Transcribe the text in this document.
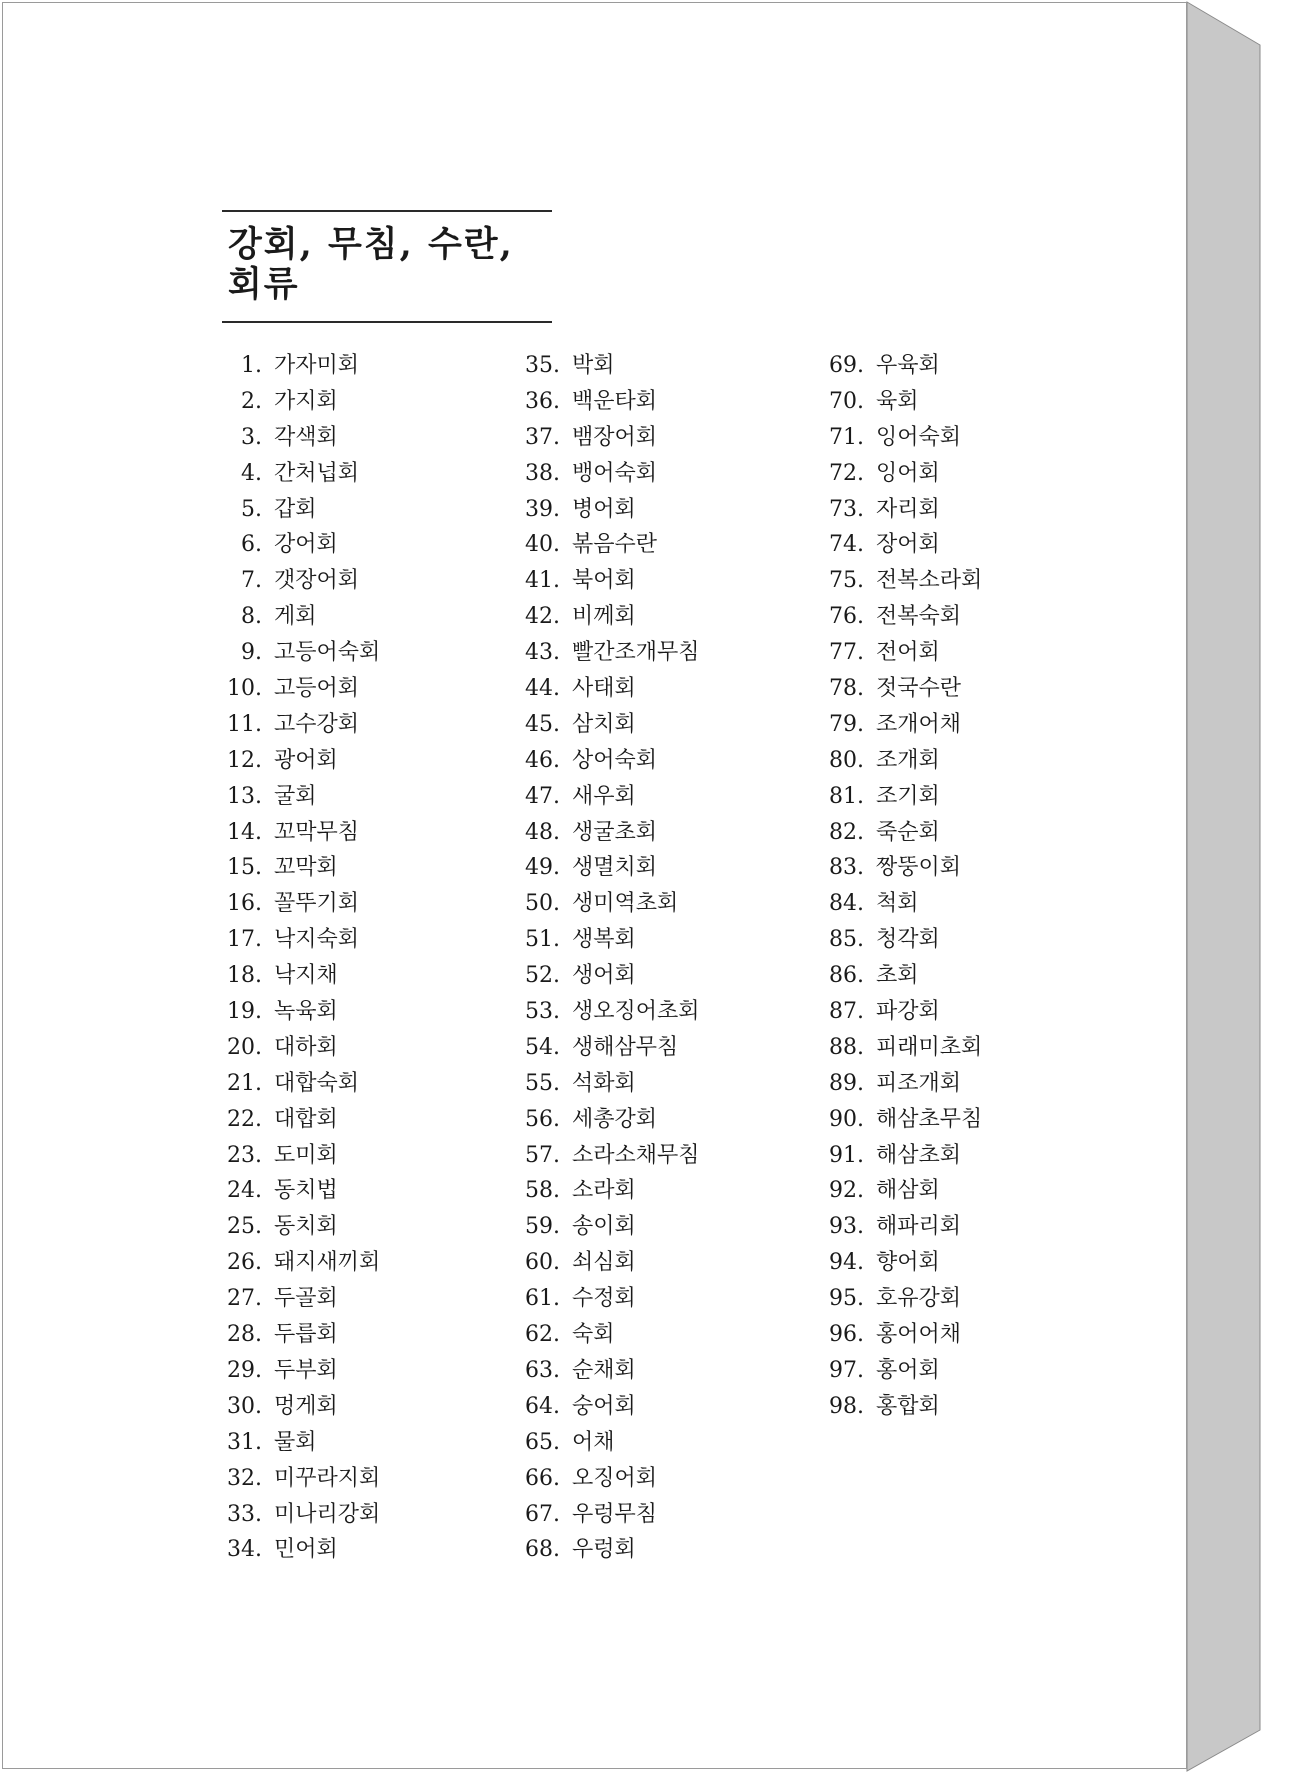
강회, 무침, 수란, 회류
1. 가자미회
2. 가지회
3. 각색회
4. 간처넙회
5. 갑회
6. 강어회
7. 갯장어회
8. 게회
9. 고등어숙회
10. 고등어회
11. 고수강회
12. 광어회
13. 굴회
14. 꼬막무침
15. 꼬막회
16. 꼴뚜기회
17. 낙지숙회
18. 낙지채
19. 녹육회
20. 대하회
21. 대합숙회
22. 대합회
23. 도미회
24. 동치법
25. 동치회
26. 돼지새끼회
27. 두골회
28. 두릅회
29. 두부회
30. 멍게회
31. 물회
32. 미꾸라지회
33. 미나리강회
34. 민어회
35. 박회
36. 백운타회
37. 뱀장어회
38. 뱅어숙회
39. 병어회
40. 볶음수란
41. 북어회
42. 비께회
43. 빨간조개무침
44. 사태회
45. 삼치회
46. 상어숙회
47. 새우회
48. 생굴초회
49. 생멸치회
50. 생미역초회
51. 생복회
52. 생어회
53. 생오징어초회
54. 생해삼무침
55. 석화회
56. 세총강회
57. 소라소채무침
58. 소라회
59. 송이회
60. 쇠심회
61. 수정회
62. 숙회
63. 순채회
64. 숭어회
65. 어채
66. 오징어회
67. 우렁무침
68. 우렁회
69. 우육회
70. 육회
71. 잉어숙회
72. 잉어회
73. 자리회
74. 장어회
75. 전복소라회
76. 전복숙회
77. 전어회
78. 젓국수란
79. 조개어채
80. 조개회
81. 조기회
82. 죽순회
83. 짱뚱이회
84. 척회
85. 청각회
86. 초회
87. 파강회
88. 피래미초회
89. 피조개회
90. 해삼초무침
91. 해삼초회
92. 해삼회
93. 해파리회
94. 향어회
95. 호유강회
96. 홍어어채
97. 홍어회
98. 홍합회
